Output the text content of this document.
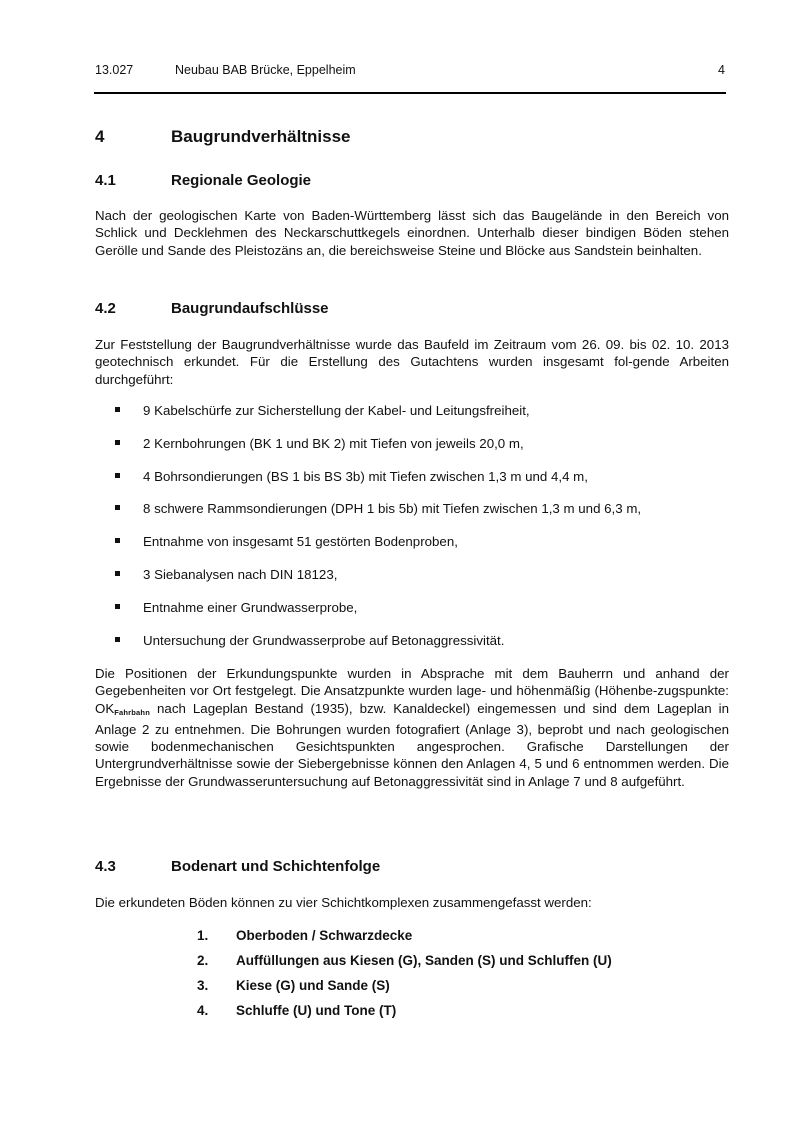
13.027	Neubau BAB Brücke, Eppelheim	4
4	Baugrundverhältnisse
4.1	Regionale Geologie
Nach der geologischen Karte von Baden-Württemberg lässt sich das Baugelände in den Bereich von Schlick und Decklehmen des Neckarschuttkegels einordnen. Unterhalb dieser bindigen Böden stehen Gerölle und Sande des Pleistozäns an, die bereichsweise Steine und Blöcke aus Sandstein beinhalten.
4.2	Baugrundaufschlüsse
Zur Feststellung der Baugrundverhältnisse wurde das Baufeld im Zeitraum vom 26. 09. bis 02. 10. 2013 geotechnisch erkundet. Für die Erstellung des Gutachtens wurden insgesamt fol-gende Arbeiten durchgeführt:
9 Kabelschürfe zur Sicherstellung der Kabel- und Leitungsfreiheit,
2 Kernbohrungen (BK 1 und BK 2) mit Tiefen von jeweils 20,0 m,
4 Bohrsondierungen (BS 1 bis BS 3b) mit Tiefen zwischen 1,3 m und 4,4 m,
8 schwere Rammsondierungen (DPH 1 bis 5b) mit Tiefen zwischen 1,3 m und 6,3 m,
Entnahme von insgesamt 51 gestörten Bodenproben,
3 Siebanalysen nach DIN 18123,
Entnahme einer Grundwasserprobe,
Untersuchung der Grundwasserprobe auf Betonaggressivität.
Die Positionen der Erkundungspunkte wurden in Absprache mit dem Bauherrn und anhand der Gegebenheiten vor Ort festgelegt. Die Ansatzpunkte wurden lage- und höhenmäßig (Höhenbe-zugspunkte: $OK_{Fahrbahn}$ nach Lageplan Bestand (1935), bzw. Kanaldeckel) eingemessen und sind dem Lageplan in Anlage 2 zu entnehmen. Die Bohrungen wurden fotografiert (Anlage 3), beprobt und nach geologischen sowie bodenmechanischen Gesichtspunkten angesprochen. Grafische Darstellungen der Untergrundverhältnisse sowie der Siebergebnisse können den Anlagen 4, 5 und 6 entnommen werden. Die Ergebnisse der Grundwasseruntersuchung auf Betonaggressivität sind in Anlage 7 und 8 aufgeführt.
4.3	Bodenart und Schichtenfolge
Die erkundeten Böden können zu vier Schichtkomplexen zusammengefasst werden:
1. Oberboden / Schwarzdecke
2. Auffüllungen aus Kiesen (G), Sanden (S) und Schluffen (U)
3. Kiese (G) und Sande (S)
4. Schluffe (U) und Tone (T)
